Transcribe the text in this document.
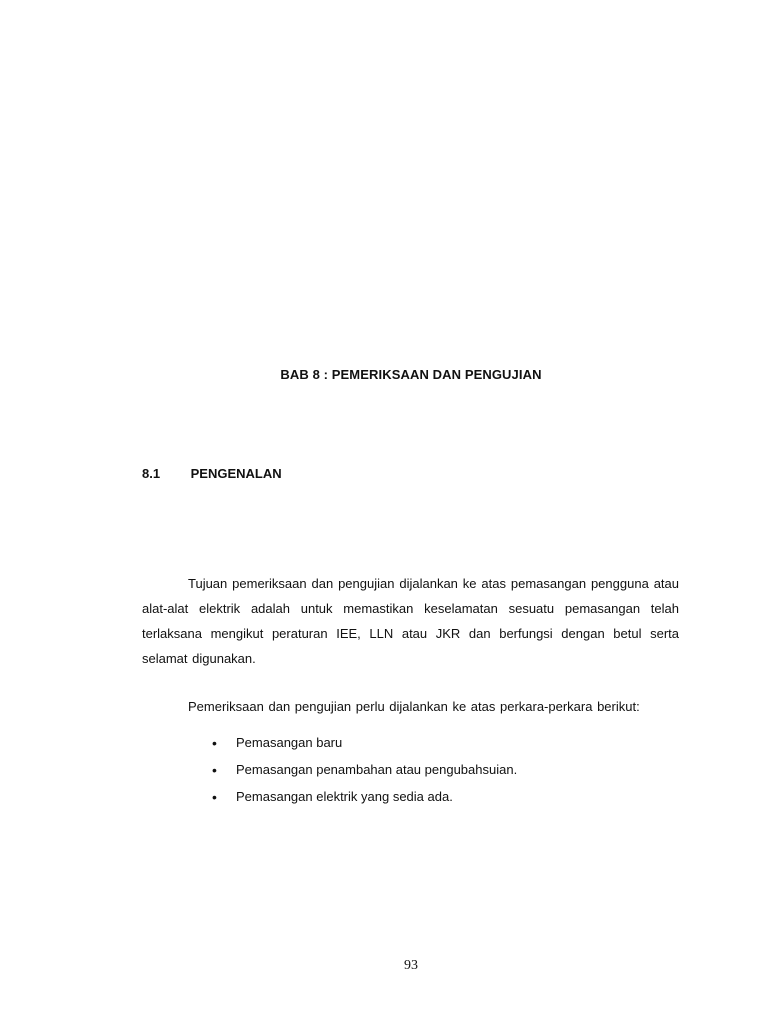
BAB 8 : PEMERIKSAAN DAN PENGUJIAN
8.1 PENGENALAN

Tujuan pemeriksaan dan pengujian dijalankan ke atas pemasangan pengguna atau alat-alat elektrik adalah untuk memastikan keselamatan sesuatu pemasangan telah terlaksana mengikut peraturan IEE, LLN atau JKR dan berfungsi dengan betul serta selamat digunakan.

Pemeriksaan dan pengujian perlu dijalankan ke atas perkara-perkara berikut:

• Pemasangan baru
• Pemasangan penambahan atau pengubahsuian.
• Pemasangan elektrik yang sedia ada.
93
